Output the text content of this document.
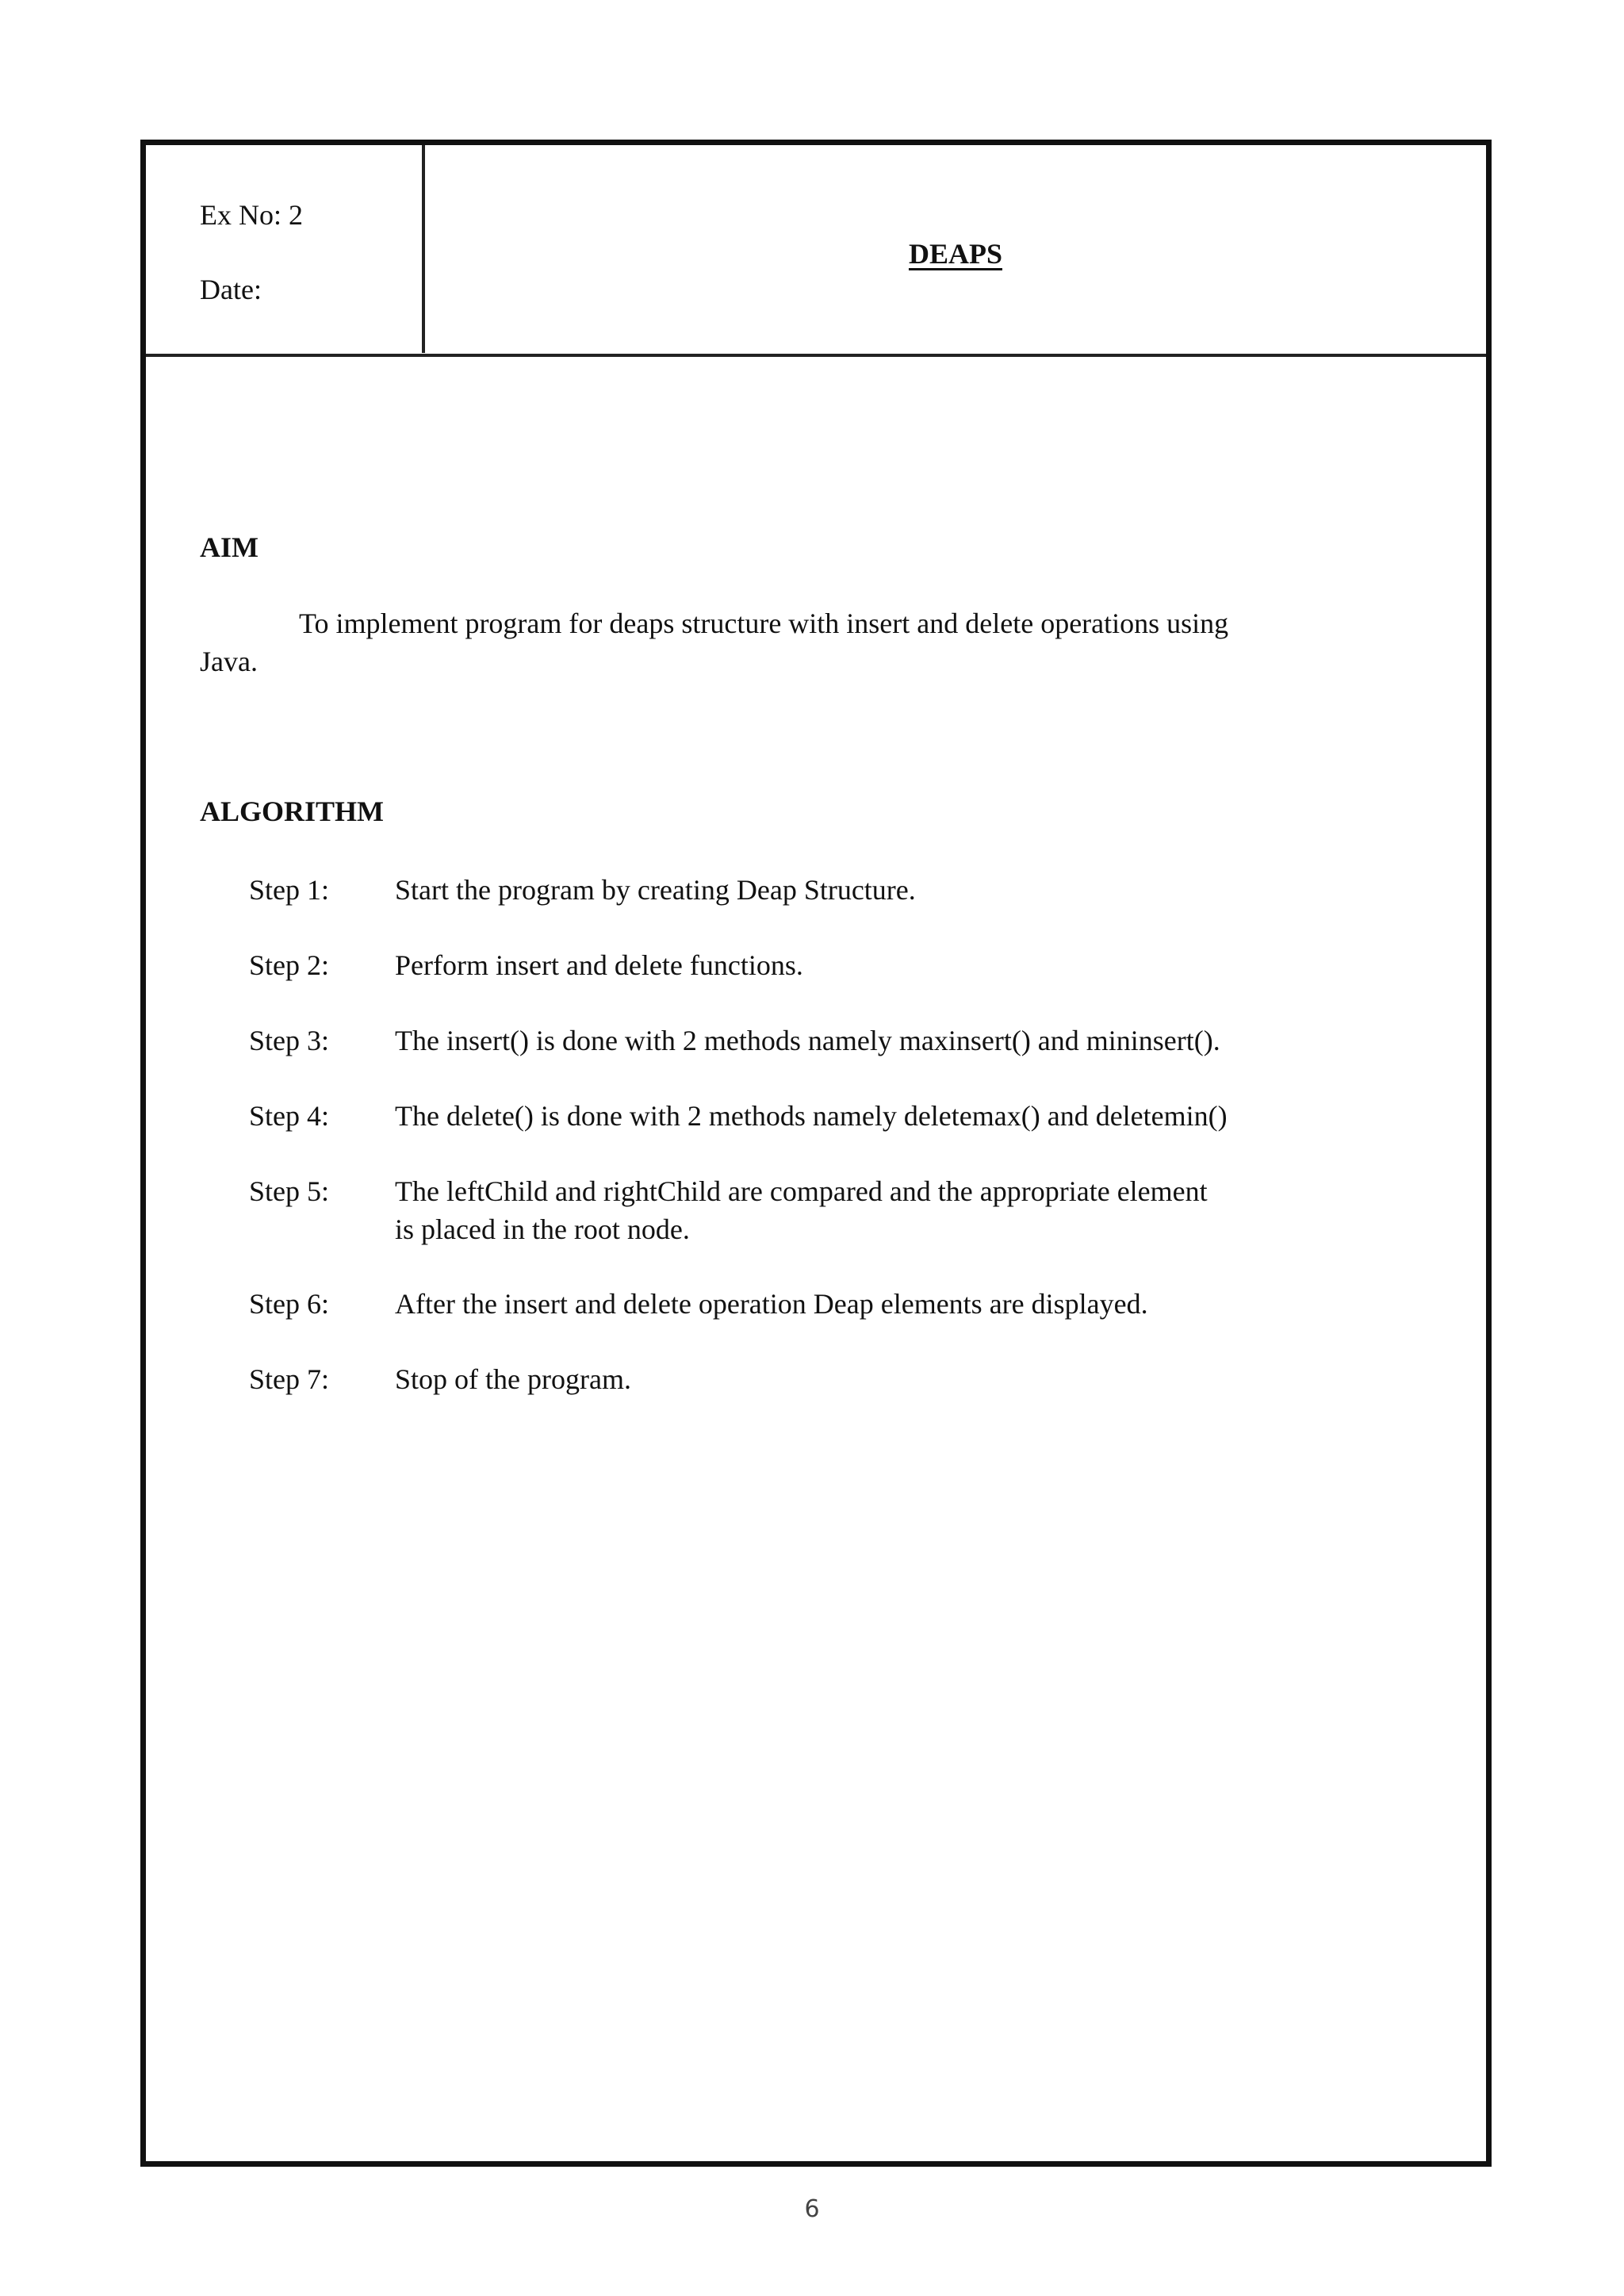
Ex No: 2
Date:
DEAPS
AIM
To implement program for deaps structure with insert and delete operations using Java.
ALGORITHM
Step 1: Start the program by creating Deap Structure.
Step 2: Perform insert and delete functions.
Step 3: The insert() is done with 2 methods namely maxinsert() and mininsert().
Step 4: The delete() is done with 2 methods namely deletemax() and deletemin()
Step 5: The leftChild and rightChild are compared and the appropriate element is placed in the root node.
Step 6: After the insert and delete operation Deap elements are displayed.
Step 7: Stop of the program.
6
